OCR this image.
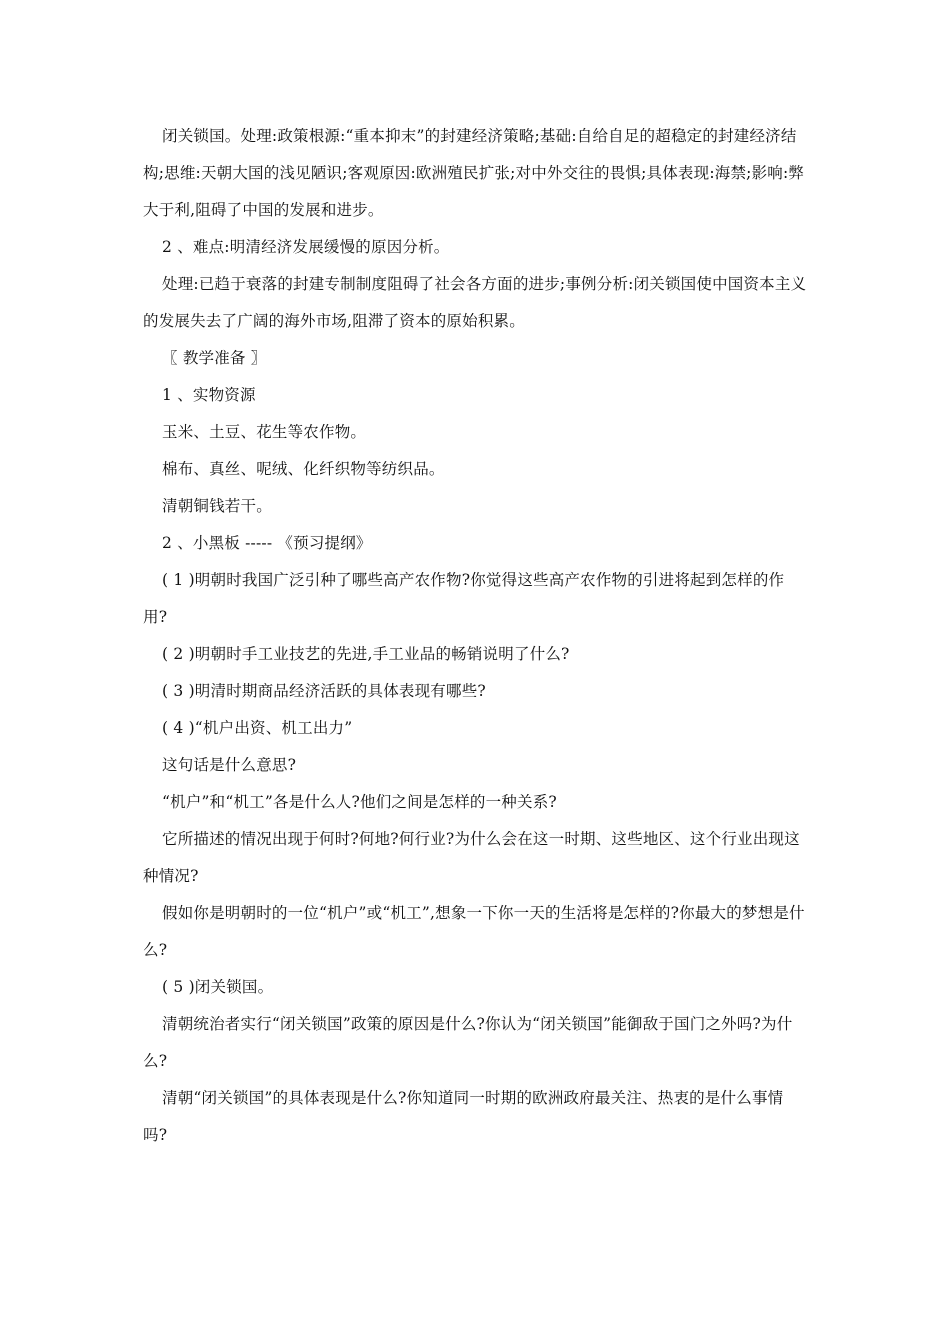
闭关锁国。处理:政策根源:“重本抑末”的封建经济策略;基础:自给自足的超稳定的封建经济结构;思维:天朝大国的浅见陋识;客观原因:欧洲殖民扩张;对中外交往的畏惧;具体表现:海禁;影响:弊大于利,阻碍了中国的发展和进步。

2 、难点:明清经济发展缓慢的原因分析。

处理:已趋于衰落的封建专制制度阻碍了社会各方面的进步;事例分析:闭关锁国使中国资本主义的发展失去了广阔的海外市场,阻滞了资本的原始积累。

〖 教学准备 〗

1 、实物资源

玉米、土豆、花生等农作物。

棉布、真丝、呢绒、化纤织物等纺织品。

清朝铜钱若干。

2 、小黑板 ----- 《预习提纲》

( 1 )明朝时我国广泛引种了哪些高产农作物?你觉得这些高产农作物的引进将起到怎样的作用?

( 2 )明朝时手工业技艺的先进,手工业品的畅销说明了什么?

( 3 )明清时期商品经济活跃的具体表现有哪些?

( 4 )“机户出资、机工出力”

这句话是什么意思?

“机户”和“机工”各是什么人?他们之间是怎样的一种关系?

它所描述的情况出现于何时?何地?何行业?为什么会在这一时期、这些地区、这个行业出现这种情况?

假如你是明朝时的一位“机户”或“机工”,想象一下你一天的生活将是怎样的?你最大的梦想是什么?

( 5 )闭关锁国。

清朝统治者实行“闭关锁国”政策的原因是什么?你认为“闭关锁国”能御敌于国门之外吗?为什么?

清朝“闭关锁国”的具体表现是什么?你知道同一时期的欧洲政府最关注、热衷的是什么事情吗?
